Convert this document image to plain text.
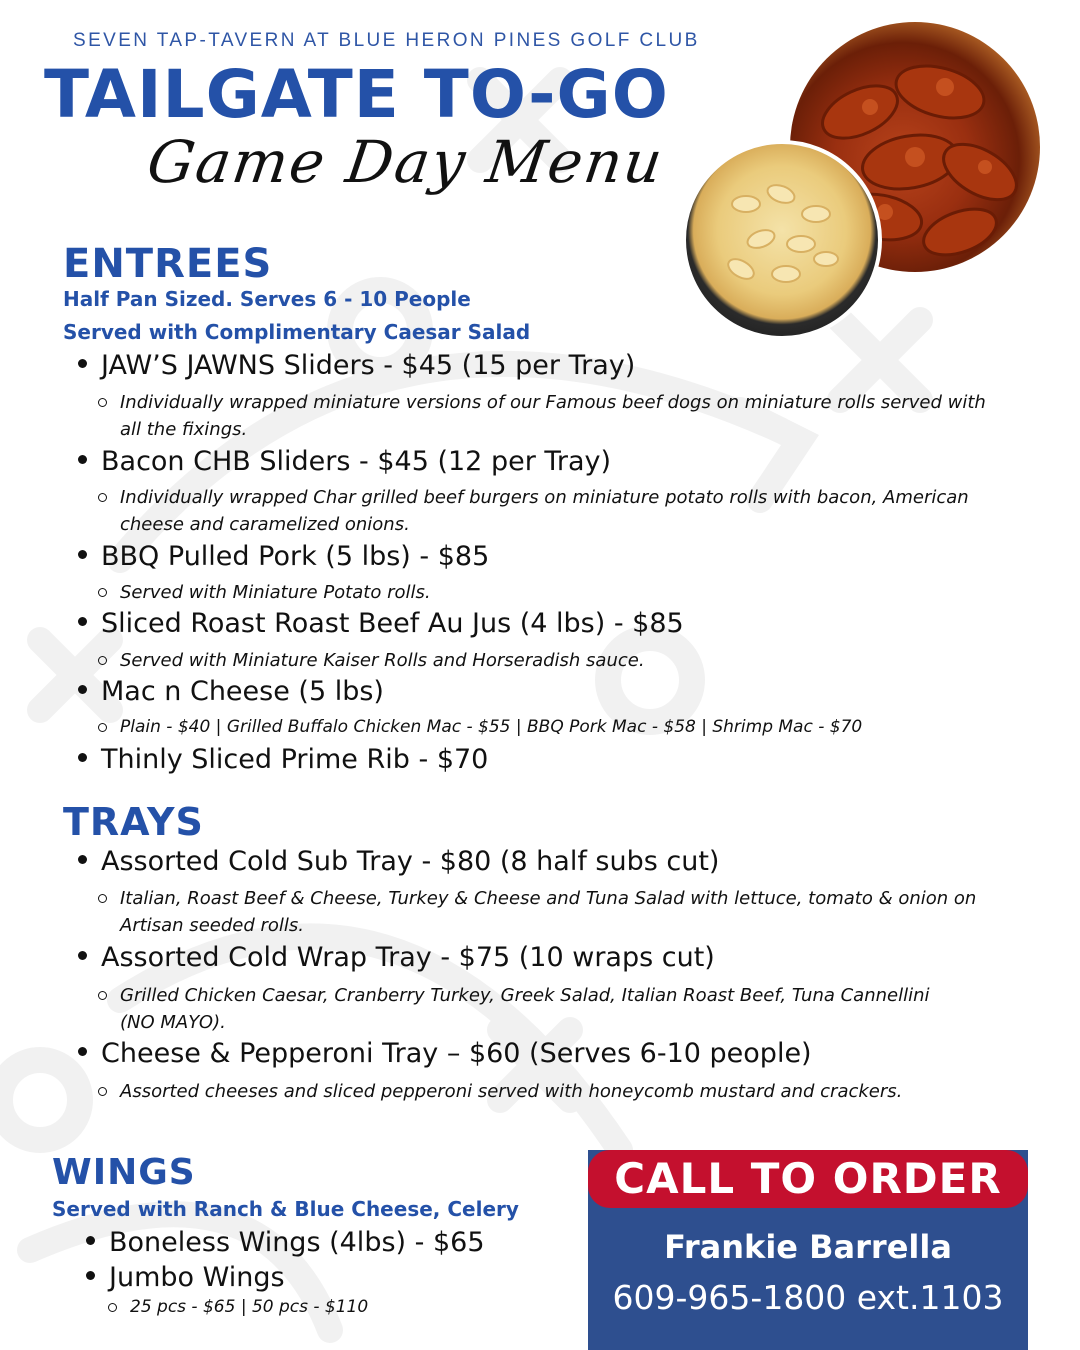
SEVEN TAP-TAVERN AT BLUE HERON PINES GOLF CLUB
TAILGATE TO-GO
Game Day Menu
ENTREES
Half Pan Sized. Serves 6 - 10 People
Served with Complimentary Caesar Salad
JAW’S JAWNS Sliders - $45 (15 per Tray)
Individually wrapped miniature versions of our Famous beef dogs on miniature rolls served with all the fixings.
Bacon CHB Sliders - $45 (12 per Tray)
Individually wrapped Char grilled beef burgers on miniature potato rolls with bacon, American cheese and caramelized onions.
BBQ Pulled Pork (5 lbs) - $85
Served with Miniature Potato rolls.
Sliced Roast Roast Beef Au Jus (4 lbs) - $85
Served with Miniature Kaiser Rolls and Horseradish sauce.
Mac n Cheese (5 lbs)
Plain - $40 | Grilled Buffalo Chicken Mac - $55 | BBQ Pork Mac - $58 | Shrimp Mac - $70
Thinly Sliced Prime Rib - $70
TRAYS
Assorted Cold Sub Tray - $80 (8 half subs cut)
Italian, Roast Beef & Cheese, Turkey & Cheese and Tuna Salad with lettuce, tomato & onion on Artisan seeded rolls.
Assorted Cold Wrap Tray - $75 (10 wraps cut)
Grilled Chicken Caesar, Cranberry Turkey, Greek Salad, Italian Roast Beef, Tuna Cannellini (NO MAYO).
Cheese & Pepperoni Tray – $60 (Serves 6-10 people)
Assorted cheeses and sliced pepperoni served with honeycomb mustard and crackers.
WINGS
Served with Ranch & Blue Cheese, Celery
Boneless Wings (4lbs) - $65
Jumbo Wings
25 pcs - $65 | 50 pcs - $110
CALL TO ORDER
Frankie Barrella
609-965-1800 ext.1103
